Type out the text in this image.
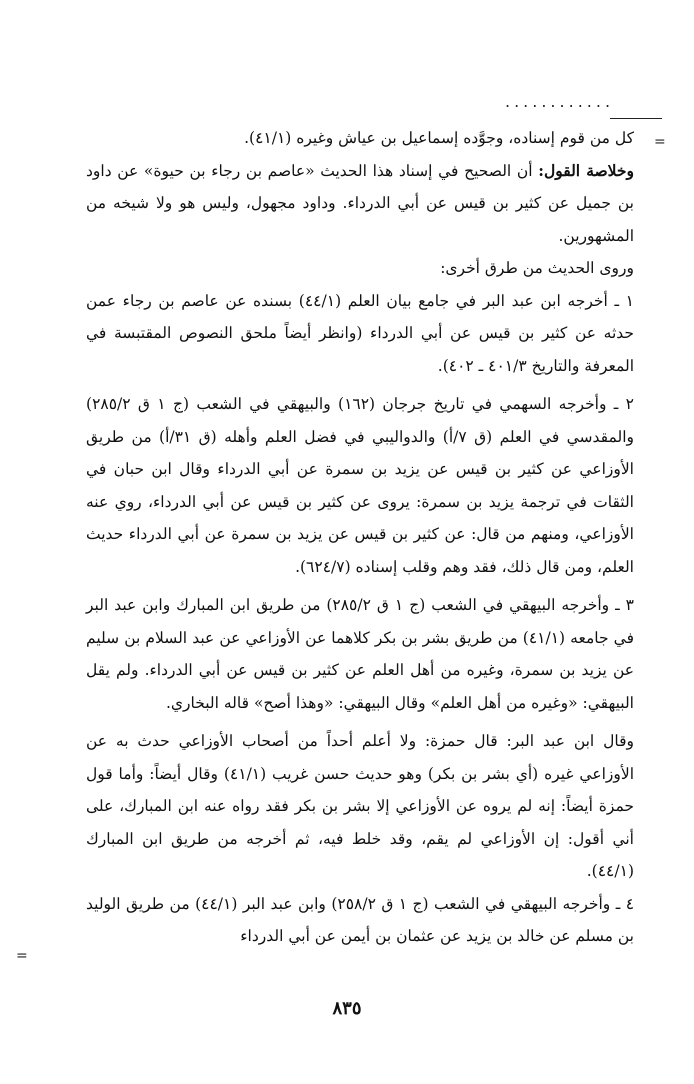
............
=

كل من قوم إسناده، وجوَّده إسماعيل بن عياش وغيره (٤١/١).

وخلاصة القول: أن الصحيح في إسناد هذا الحديث «عاصم بن رجاء بن حيوة» عن داود بن جميل عن كثير بن قيس عن أبي الدرداء. وداود مجهول، وليس هو ولا شيخه من المشهورين.

وروى الحديث من طرق أخرى:

١ ـ أخرجه ابن عبد البر في جامع بيان العلم (٤٤/١) بسنده عن عاصم بن رجاء عمن حدثه عن كثير بن قيس عن أبي الدرداء (وانظر أيضاً ملحق النصوص المقتبسة في المعرفة والتاريخ ٤٠١/٣ ـ ٤٠٢).

٢ ـ وأخرجه السهمي في تاريخ جرجان (١٦٢) والبيهقي في الشعب (ج ١ ق ٢٨٥/٢) والمقدسي في العلم (ق ٧/أ) والدواليبي في فضل العلم وأهله (ق ٣١/أ) من طريق الأوزاعي عن كثير بن قيس عن يزيد بن سمرة عن أبي الدرداء وقال ابن حبان في الثقات في ترجمة يزيد بن سمرة: يروى عن كثير بن قيس عن أبي الدرداء، روي عنه الأوزاعي، ومنهم من قال: عن كثير بن قيس عن يزيد بن سمرة عن أبي الدرداء حديث العلم، ومن قال ذلك، فقد وهم وقلب إسناده (٦٢٤/٧).

٣ ـ وأخرجه البيهقي في الشعب (ج ١ ق ٢٨٥/٢) من طريق ابن المبارك وابن عبد البر في جامعه (٤١/١) من طريق بشر بن بكر كلاهما عن الأوزاعي عن عبد السلام بن سليم عن يزيد بن سمرة، وغيره من أهل العلم عن كثير بن قيس عن أبي الدرداء. ولم يقل البيهقي: «وغيره من أهل العلم» وقال البيهقي: «وهذا أصح» قاله البخاري.

وقال ابن عبد البر: قال حمزة: ولا أعلم أحداً من أصحاب الأوزاعي حدث به عن الأوزاعي غيره (أي بشر بن بكر) وهو حديث حسن غريب (٤١/١) وقال أيضاً: وأما قول حمزة أيضاً: إنه لم يروه عن الأوزاعي إلا بشر بن بكر فقد رواه عنه ابن المبارك، على أني أقول: إن الأوزاعي لم يقم، وقد خلط فيه، ثم أخرجه من طريق ابن المبارك (٤٤/١).

٤ ـ وأخرجه البيهقي في الشعب (ج ١ ق ٢٥٨/٢) وابن عبد البر (٤٤/١) من طريق الوليد بن مسلم عن خالد بن يزيد عن عثمان بن أيمن عن أبي الدرداء

=
٨٣٥
